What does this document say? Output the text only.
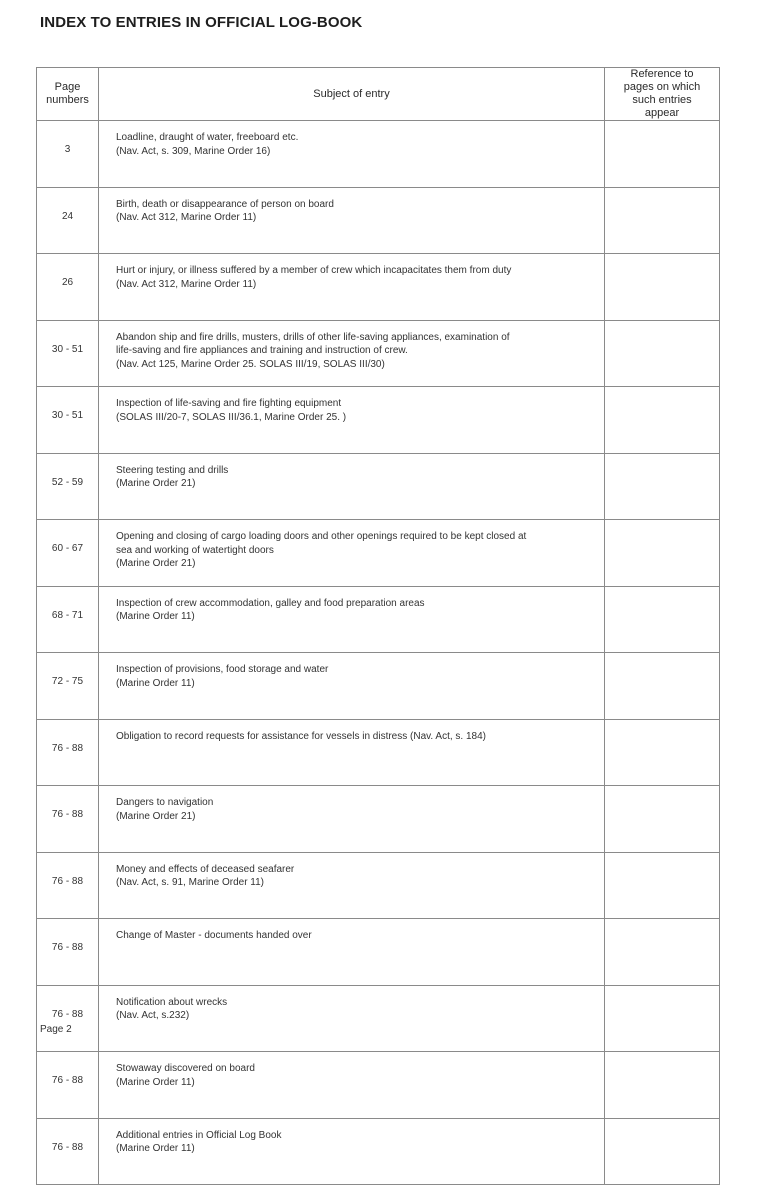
INDEX TO ENTRIES IN OFFICIAL LOG-BOOK
Page numbers	Subject of entry	Reference to pages on which such entries appear
3	Loadline, draught of water, freeboard etc.
(Nav. Act, s. 309, Marine Order 16)	

24	Birth, death or disappearance of person on board
(Nav. Act 312, Marine Order 11)	

26	Hurt or injury, or illness suffered by a member of crew which incapacitates them from duty
(Nav. Act 312, Marine Order 11)	

30 - 51	Abandon ship and fire drills, musters, drills of other life-saving appliances, examination of
life-saving and fire appliances and training and instruction of crew.
(Nav. Act 125, Marine Order 25. SOLAS III/19, SOLAS III/30)	

30 - 51	Inspection of life-saving and fire fighting equipment
(SOLAS III/20-7, SOLAS III/36.1, Marine Order 25. )	

52 - 59	Steering testing and drills
(Marine Order 21)	

60 - 67	Opening and closing of cargo loading doors and other openings required to be kept closed at
sea and working of watertight doors
(Marine Order 21)	

68 - 71	Inspection of crew accommodation, galley and food preparation areas
(Marine Order 11)	

72 - 75	Inspection of provisions, food storage and water
(Marine Order 11)	

76 - 88	Obligation to record requests for assistance for vessels in distress (Nav. Act, s. 184)	

76 - 88	Dangers to navigation
(Marine Order 21)	

76 - 88	Money and effects of deceased seafarer
(Nav. Act, s. 91, Marine Order 11)	

76 - 88	Change of Master - documents handed over	

76 - 88	Notification about wrecks
(Nav. Act, s.232)	

76 - 88	Stowaway discovered on board
(Marine Order 11)	

76 - 88	Additional entries in Official Log Book
(Marine Order 11)	

Page 2
